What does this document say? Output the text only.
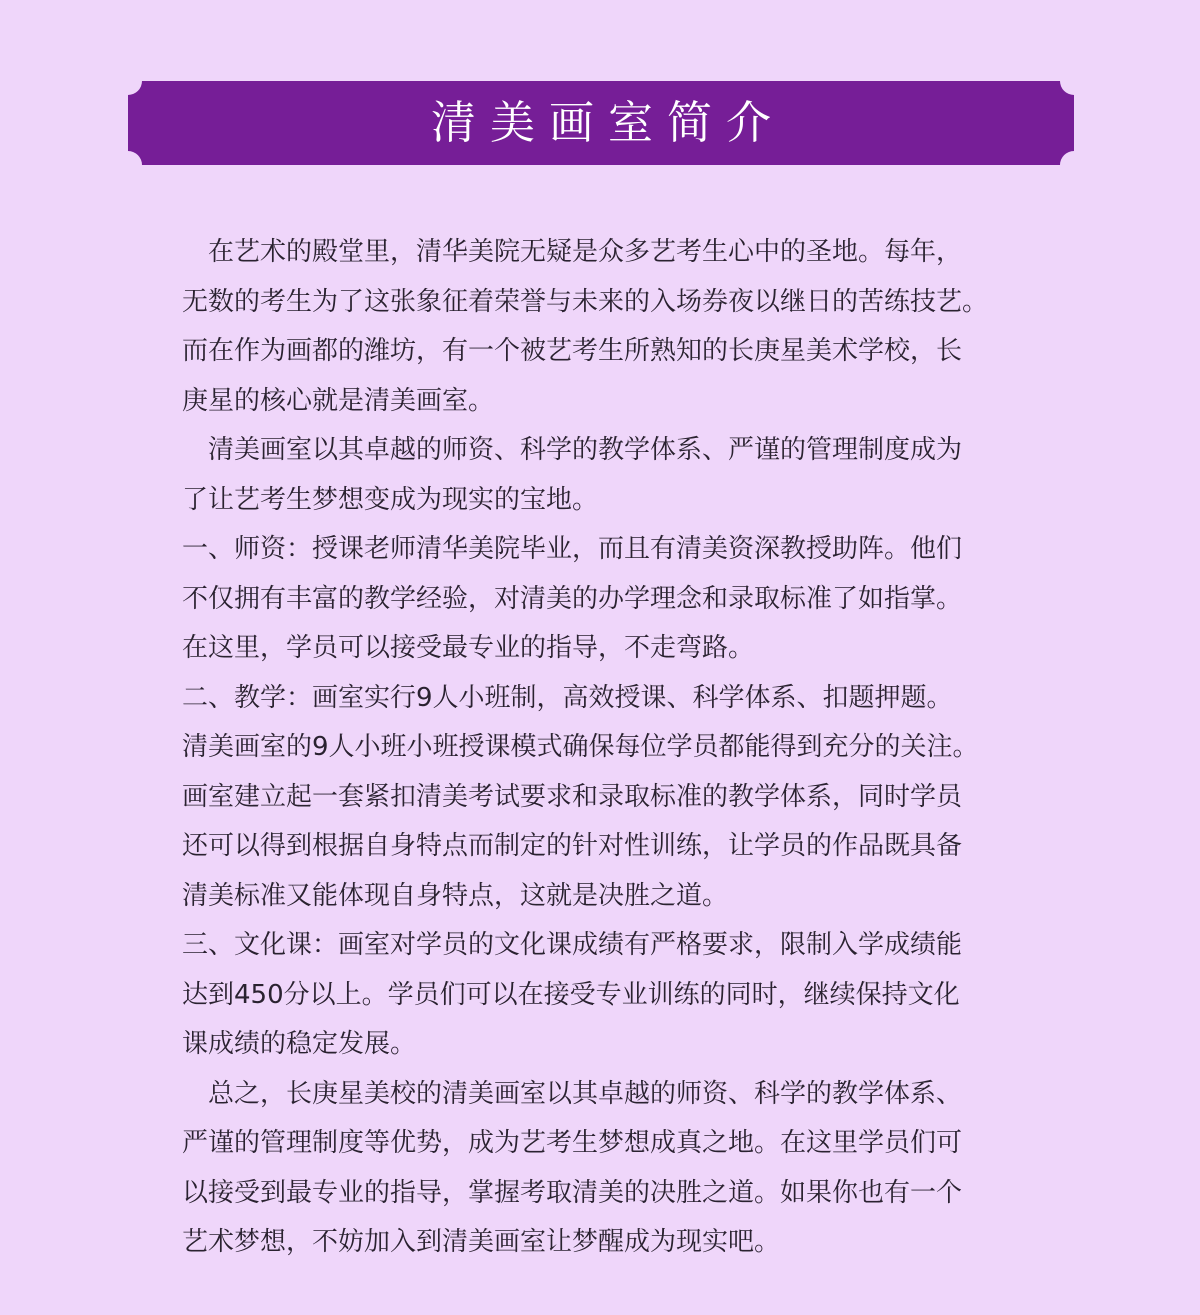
清美画室简介

　在艺术的殿堂里，清华美院无疑是众多艺考生心中的圣地。每年，

无数的考生为了这张象征着荣誉与未来的入场券夜以继日的苦练技艺。

而在作为画都的潍坊，有一个被艺考生所熟知的长庚星美术学校，长

庚星的核心就是清美画室。

　清美画室以其卓越的师资、科学的教学体系、严谨的管理制度成为

了让艺考生梦想变成为现实的宝地。

一、师资：授课老师清华美院毕业，而且有清美资深教授助阵。他们

不仅拥有丰富的教学经验，对清美的办学理念和录取标准了如指掌。

在这里，学员可以接受最专业的指导，不走弯路。

二、教学：画室实行9人小班制，高效授课、科学体系、扣题押题。

清美画室的9人小班小班授课模式确保每位学员都能得到充分的关注。

画室建立起一套紧扣清美考试要求和录取标准的教学体系，同时学员

还可以得到根据自身特点而制定的针对性训练，让学员的作品既具备

清美标准又能体现自身特点，这就是决胜之道。

三、文化课：画室对学员的文化课成绩有严格要求，限制入学成绩能

达到450分以上。学员们可以在接受专业训练的同时，继续保持文化

课成绩的稳定发展。

　总之，长庚星美校的清美画室以其卓越的师资、科学的教学体系、

严谨的管理制度等优势，成为艺考生梦想成真之地。在这里学员们可

以接受到最专业的指导，掌握考取清美的决胜之道。如果你也有一个

艺术梦想，不妨加入到清美画室让梦醒成为现实吧。
